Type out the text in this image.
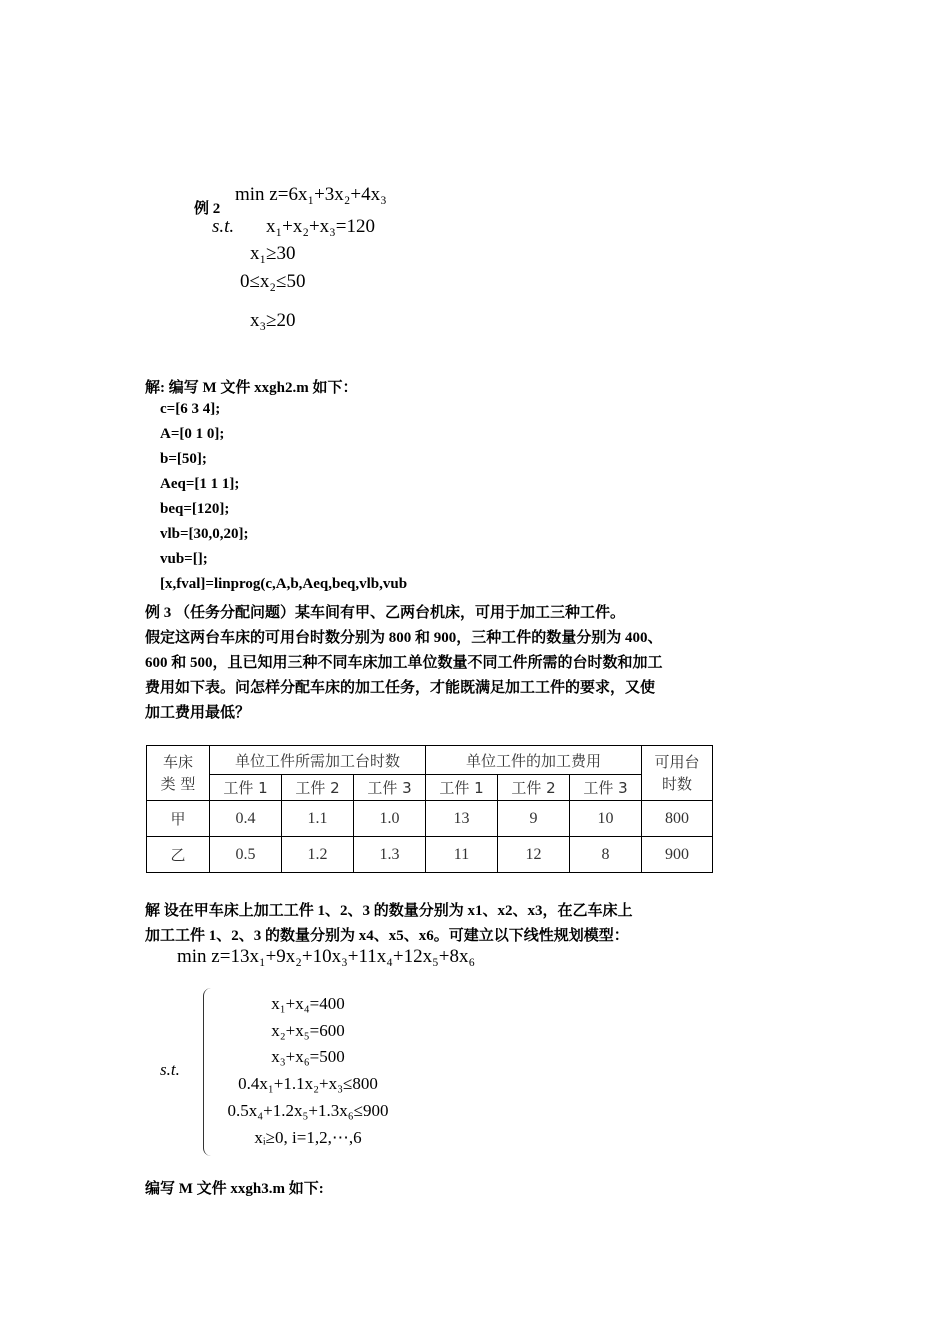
例 2
min z=6x₁+3x₂+4x₃
s.t. x₁+x₂+x₃=120
x₁≥30
0≤x₂≤50
x₃≥20
解: 编写 M 文件 xxgh2.m 如下：
c=[6 3 4];
A=[0 1 0];
b=[50];
Aeq=[1 1 1];
beq=[120];
vlb=[30,0,20];
vub=[];
[x,fval]=linprog(c,A,b,Aeq,beq,vlb,vub
例 3 （任务分配问题）某车间有甲、乙两台机床，可用于加工三种工件。
假定这两台车床的可用台时数分别为 800 和 900，三种工件的数量分别为 400、
600 和 500，且已知用三种不同车床加工单位数量不同工件所需的台时数和加工
费用如下表。问怎样分配车床的加工任务，才能既满足加工工件的要求，又使
加工费用最低？
车床
类 型	单位工件所需加工台时数			单位工件的加工费用			可用台
时数
	工件 1	工件 2	工件 3	工件 1	工件 2	工件 3	
甲	0.4	1.1	1.0	13	9	10	800
乙	0.5	1.2	1.3	11	12	8	900
解 设在甲车床上加工工件 1、2、3 的数量分别为 x1、x2、x3，在乙车床上
加工工件 1、2、3 的数量分别为 x4、x5、x6。可建立以下线性规划模型：
min z=13x₁+9x₂+10x₃+11x₄+12x₅+8x₆
s.t.
x₁+x₄=400
x₂+x₅=600
x₃+x₆=500
0.4x₁+1.1x₂+x₃≤800
0.5x₄+1.2x₅+1.3x₆≤900
xᵢ≥0, i=1,2,⋯,6
编写 M 文件 xxgh3.m 如下:
